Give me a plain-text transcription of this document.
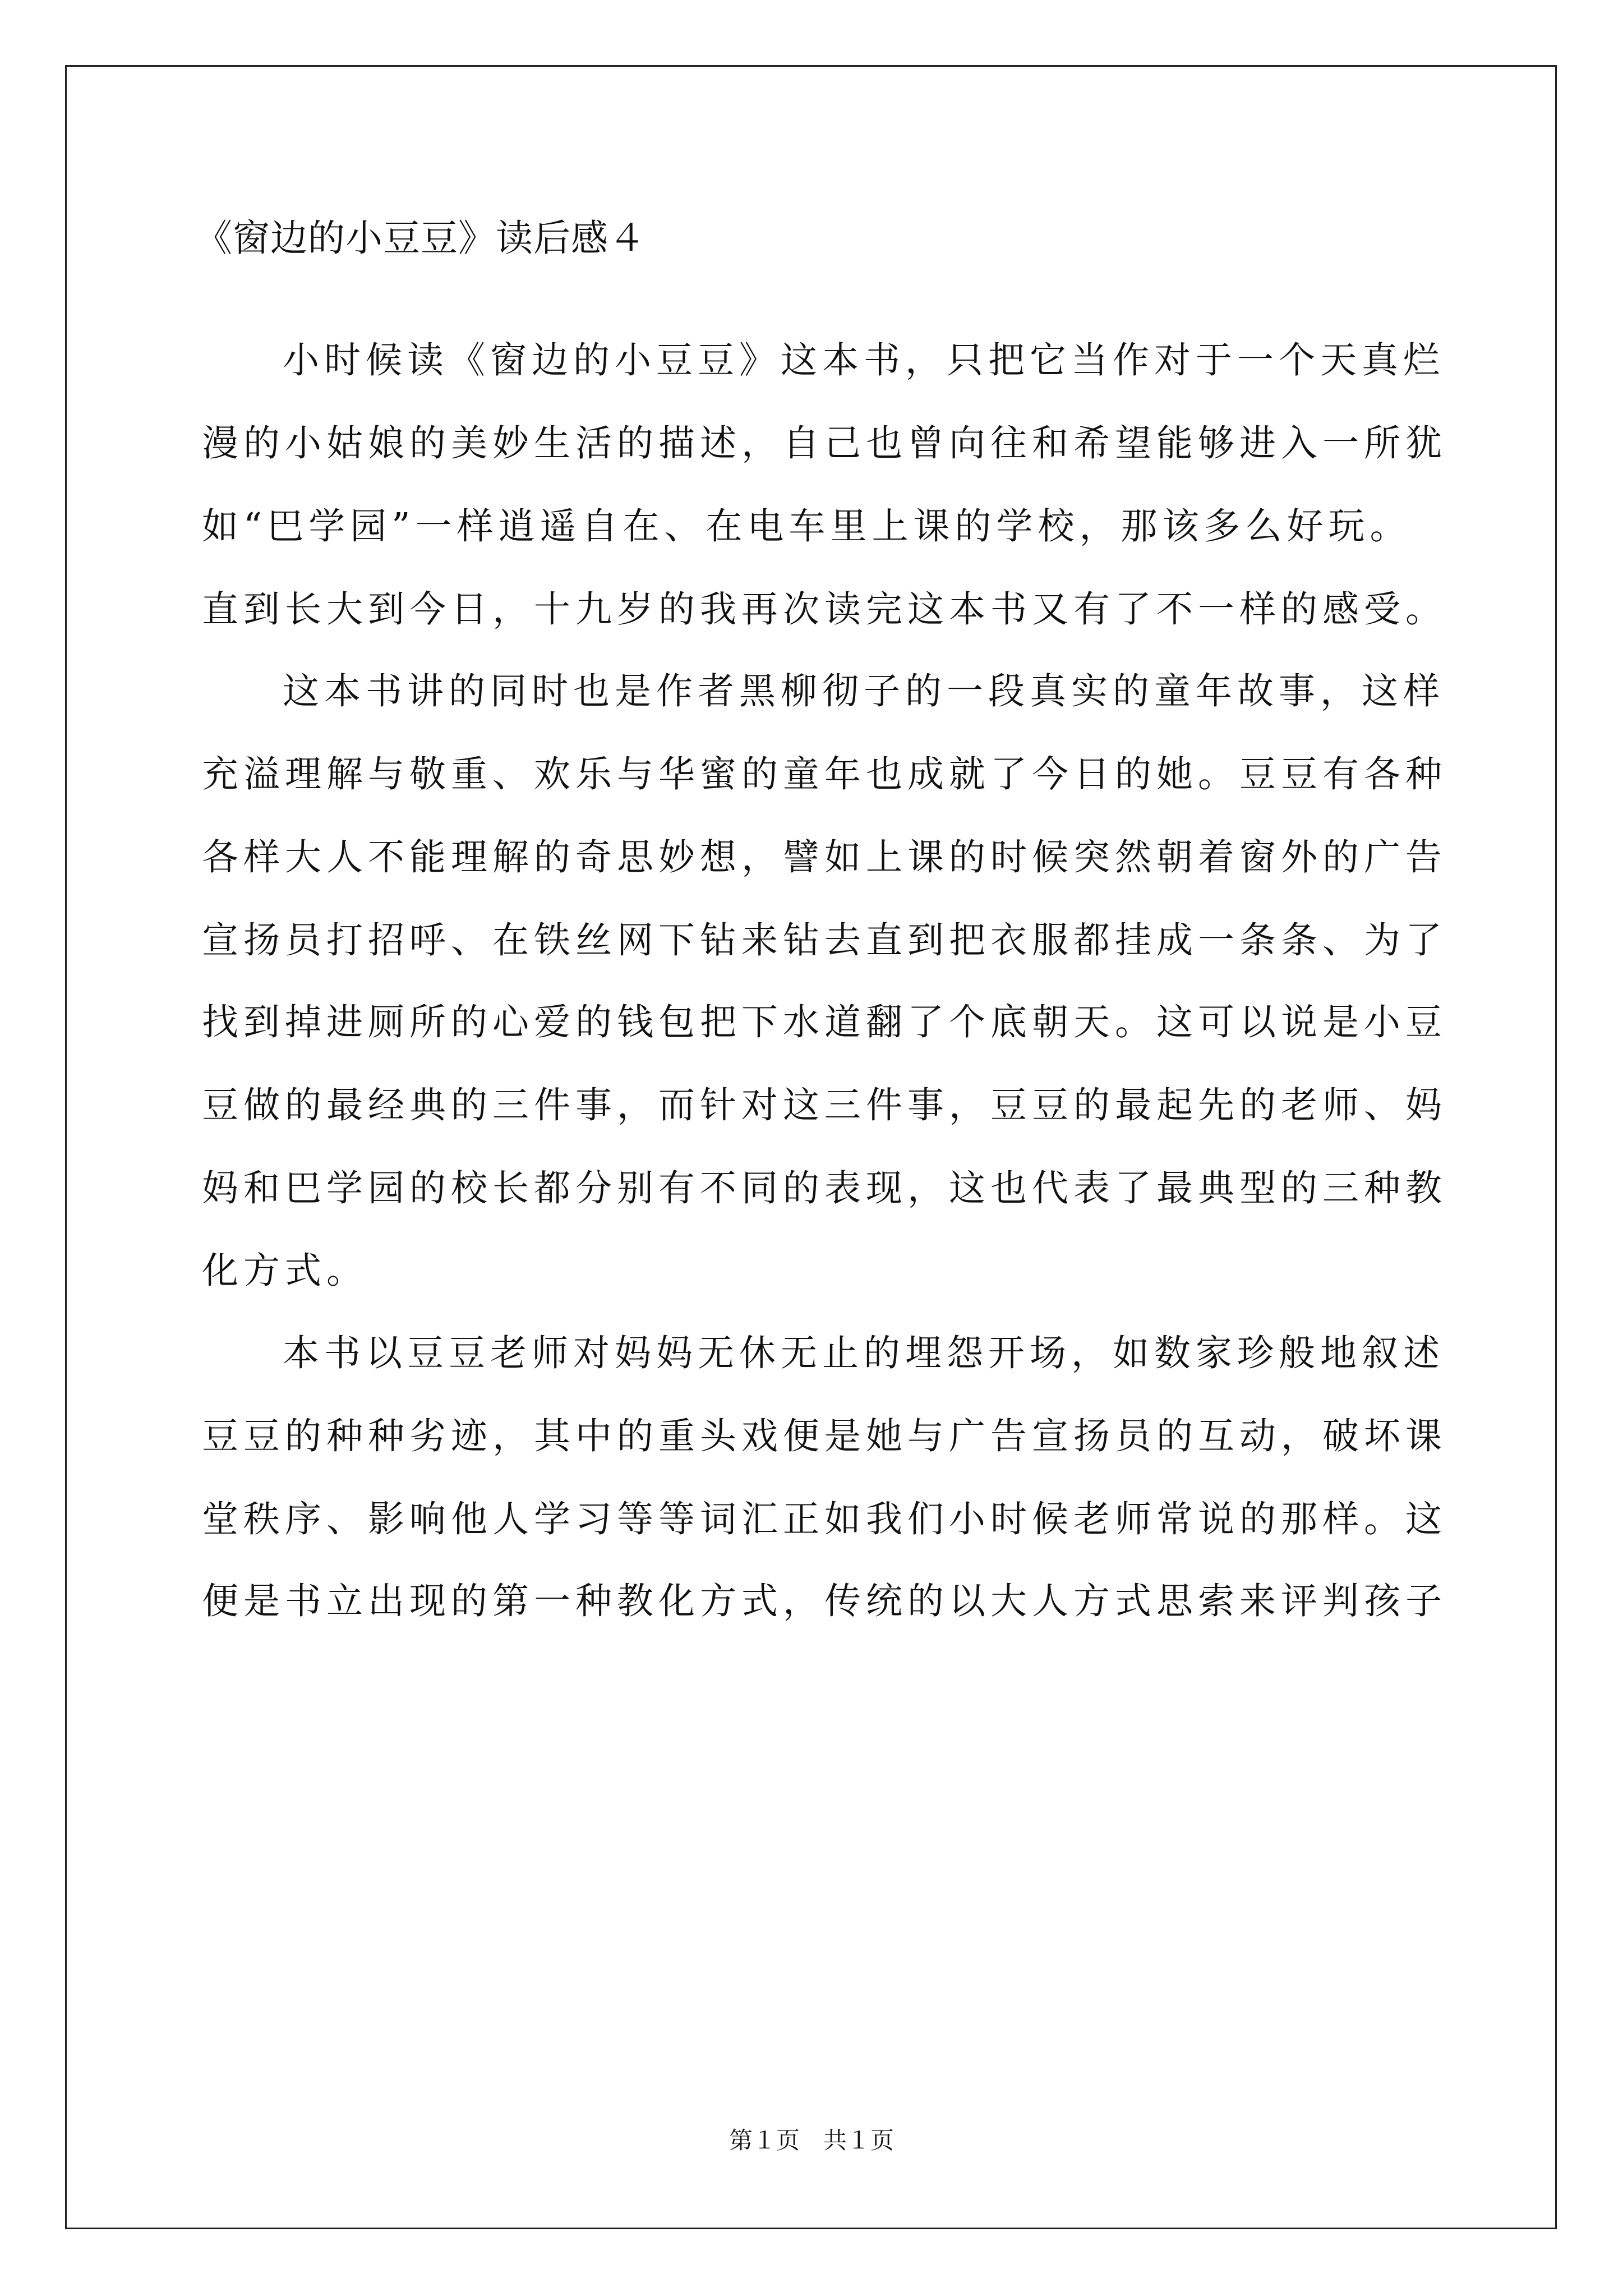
《窗边的小豆豆》读后感４
小时候读《窗边的小豆豆》这本书，只把它当作对于一个天真烂
漫的小姑娘的美妙生活的描述，自己也曾向往和希望能够进入一所犹
如“巴学园”一样逍遥自在、在电车里上课的学校，那该多么好玩。
直到长大到今日，十九岁的我再次读完这本书又有了不一样的感受。
这本书讲的同时也是作者黑柳彻子的一段真实的童年故事，这样
充溢理解与敬重、欢乐与华蜜的童年也成就了今日的她。豆豆有各种
各样大人不能理解的奇思妙想，譬如上课的时候突然朝着窗外的广告
宣扬员打招呼、在铁丝网下钻来钻去直到把衣服都挂成一条条、为了
找到掉进厕所的心爱的钱包把下水道翻了个底朝天。这可以说是小豆
豆做的最经典的三件事，而针对这三件事，豆豆的最起先的老师、妈
妈和巴学园的校长都分别有不同的表现，这也代表了最典型的三种教
化方式。
本书以豆豆老师对妈妈无休无止的埋怨开场，如数家珍般地叙述
豆豆的种种劣迹，其中的重头戏便是她与广告宣扬员的互动，破坏课
堂秩序、影响他人学习等等词汇正如我们小时候老师常说的那样。这
便是书立出现的第一种教化方式，传统的以大人方式思索来评判孩子
第１页　共１页
